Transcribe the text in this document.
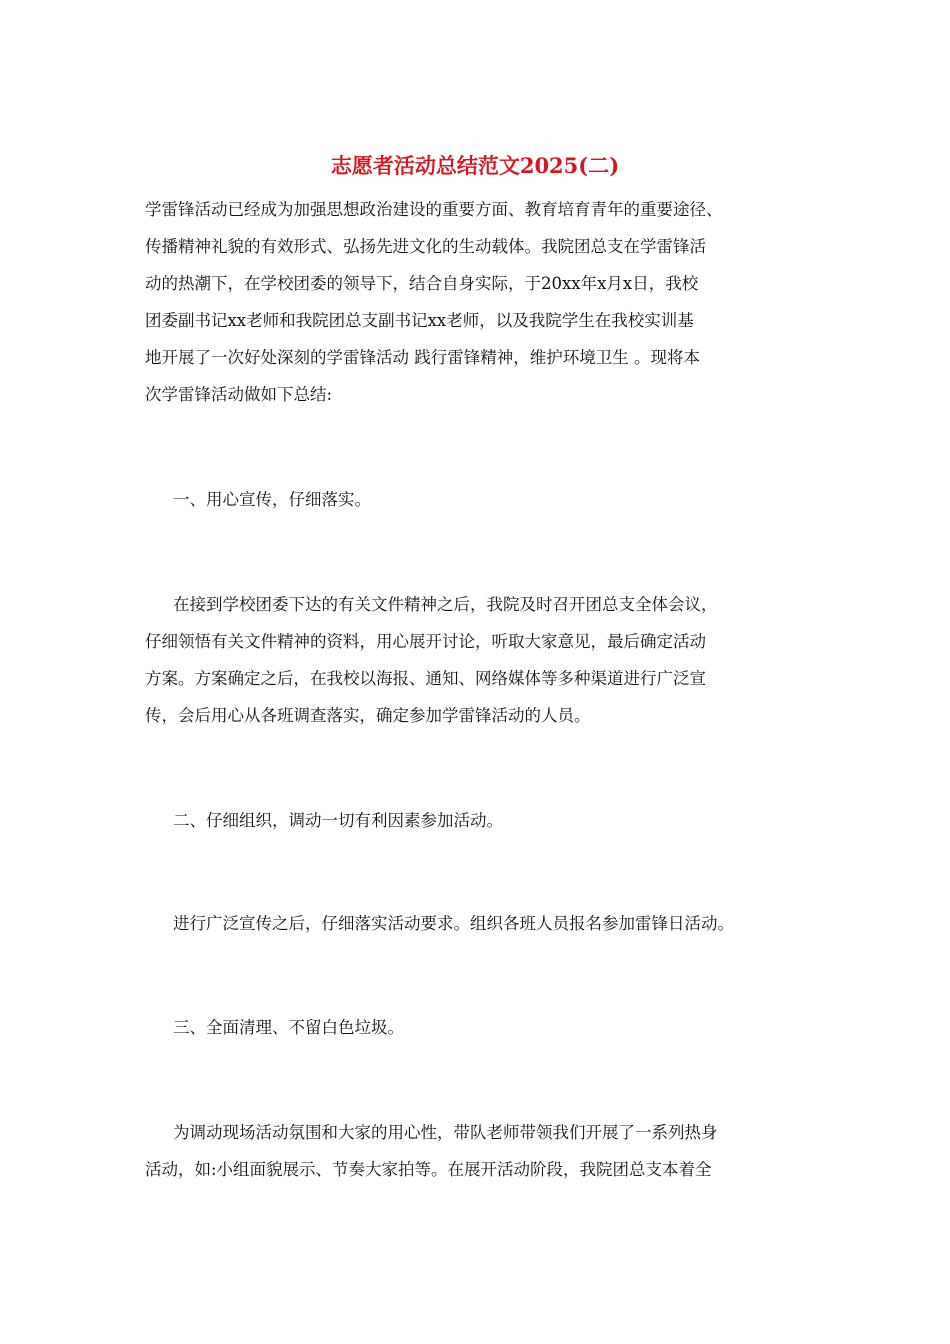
志愿者活动总结范文2025(二)
学雷锋活动已经成为加强思想政治建设的重要方面、教育培育青年的重要途径、
传播精神礼貌的有效形式、弘扬先进文化的生动载体。我院团总支在学雷锋活
动的热潮下，在学校团委的领导下，结合自身实际，于20xx年x月x日，我校
团委副书记xx老师和我院团总支副书记xx老师，以及我院学生在我校实训基
地开展了一次好处深刻的学雷锋活动 践行雷锋精神，维护环境卫生 。现将本
次学雷锋活动做如下总结:
一、用心宣传，仔细落实。
在接到学校团委下达的有关文件精神之后，我院及时召开团总支全体会议，
仔细领悟有关文件精神的资料，用心展开讨论，听取大家意见，最后确定活动
方案。方案确定之后，在我校以海报、通知、网络媒体等多种渠道进行广泛宣
传，会后用心从各班调查落实，确定参加学雷锋活动的人员。
二、仔细组织，调动一切有利因素参加活动。
进行广泛宣传之后，仔细落实活动要求。组织各班人员报名参加雷锋日活动。
三、全面清理、不留白色垃圾。
为调动现场活动氛围和大家的用心性，带队老师带领我们开展了一系列热身
活动，如:小组面貌展示、节奏大家拍等。在展开活动阶段，我院团总支本着全
